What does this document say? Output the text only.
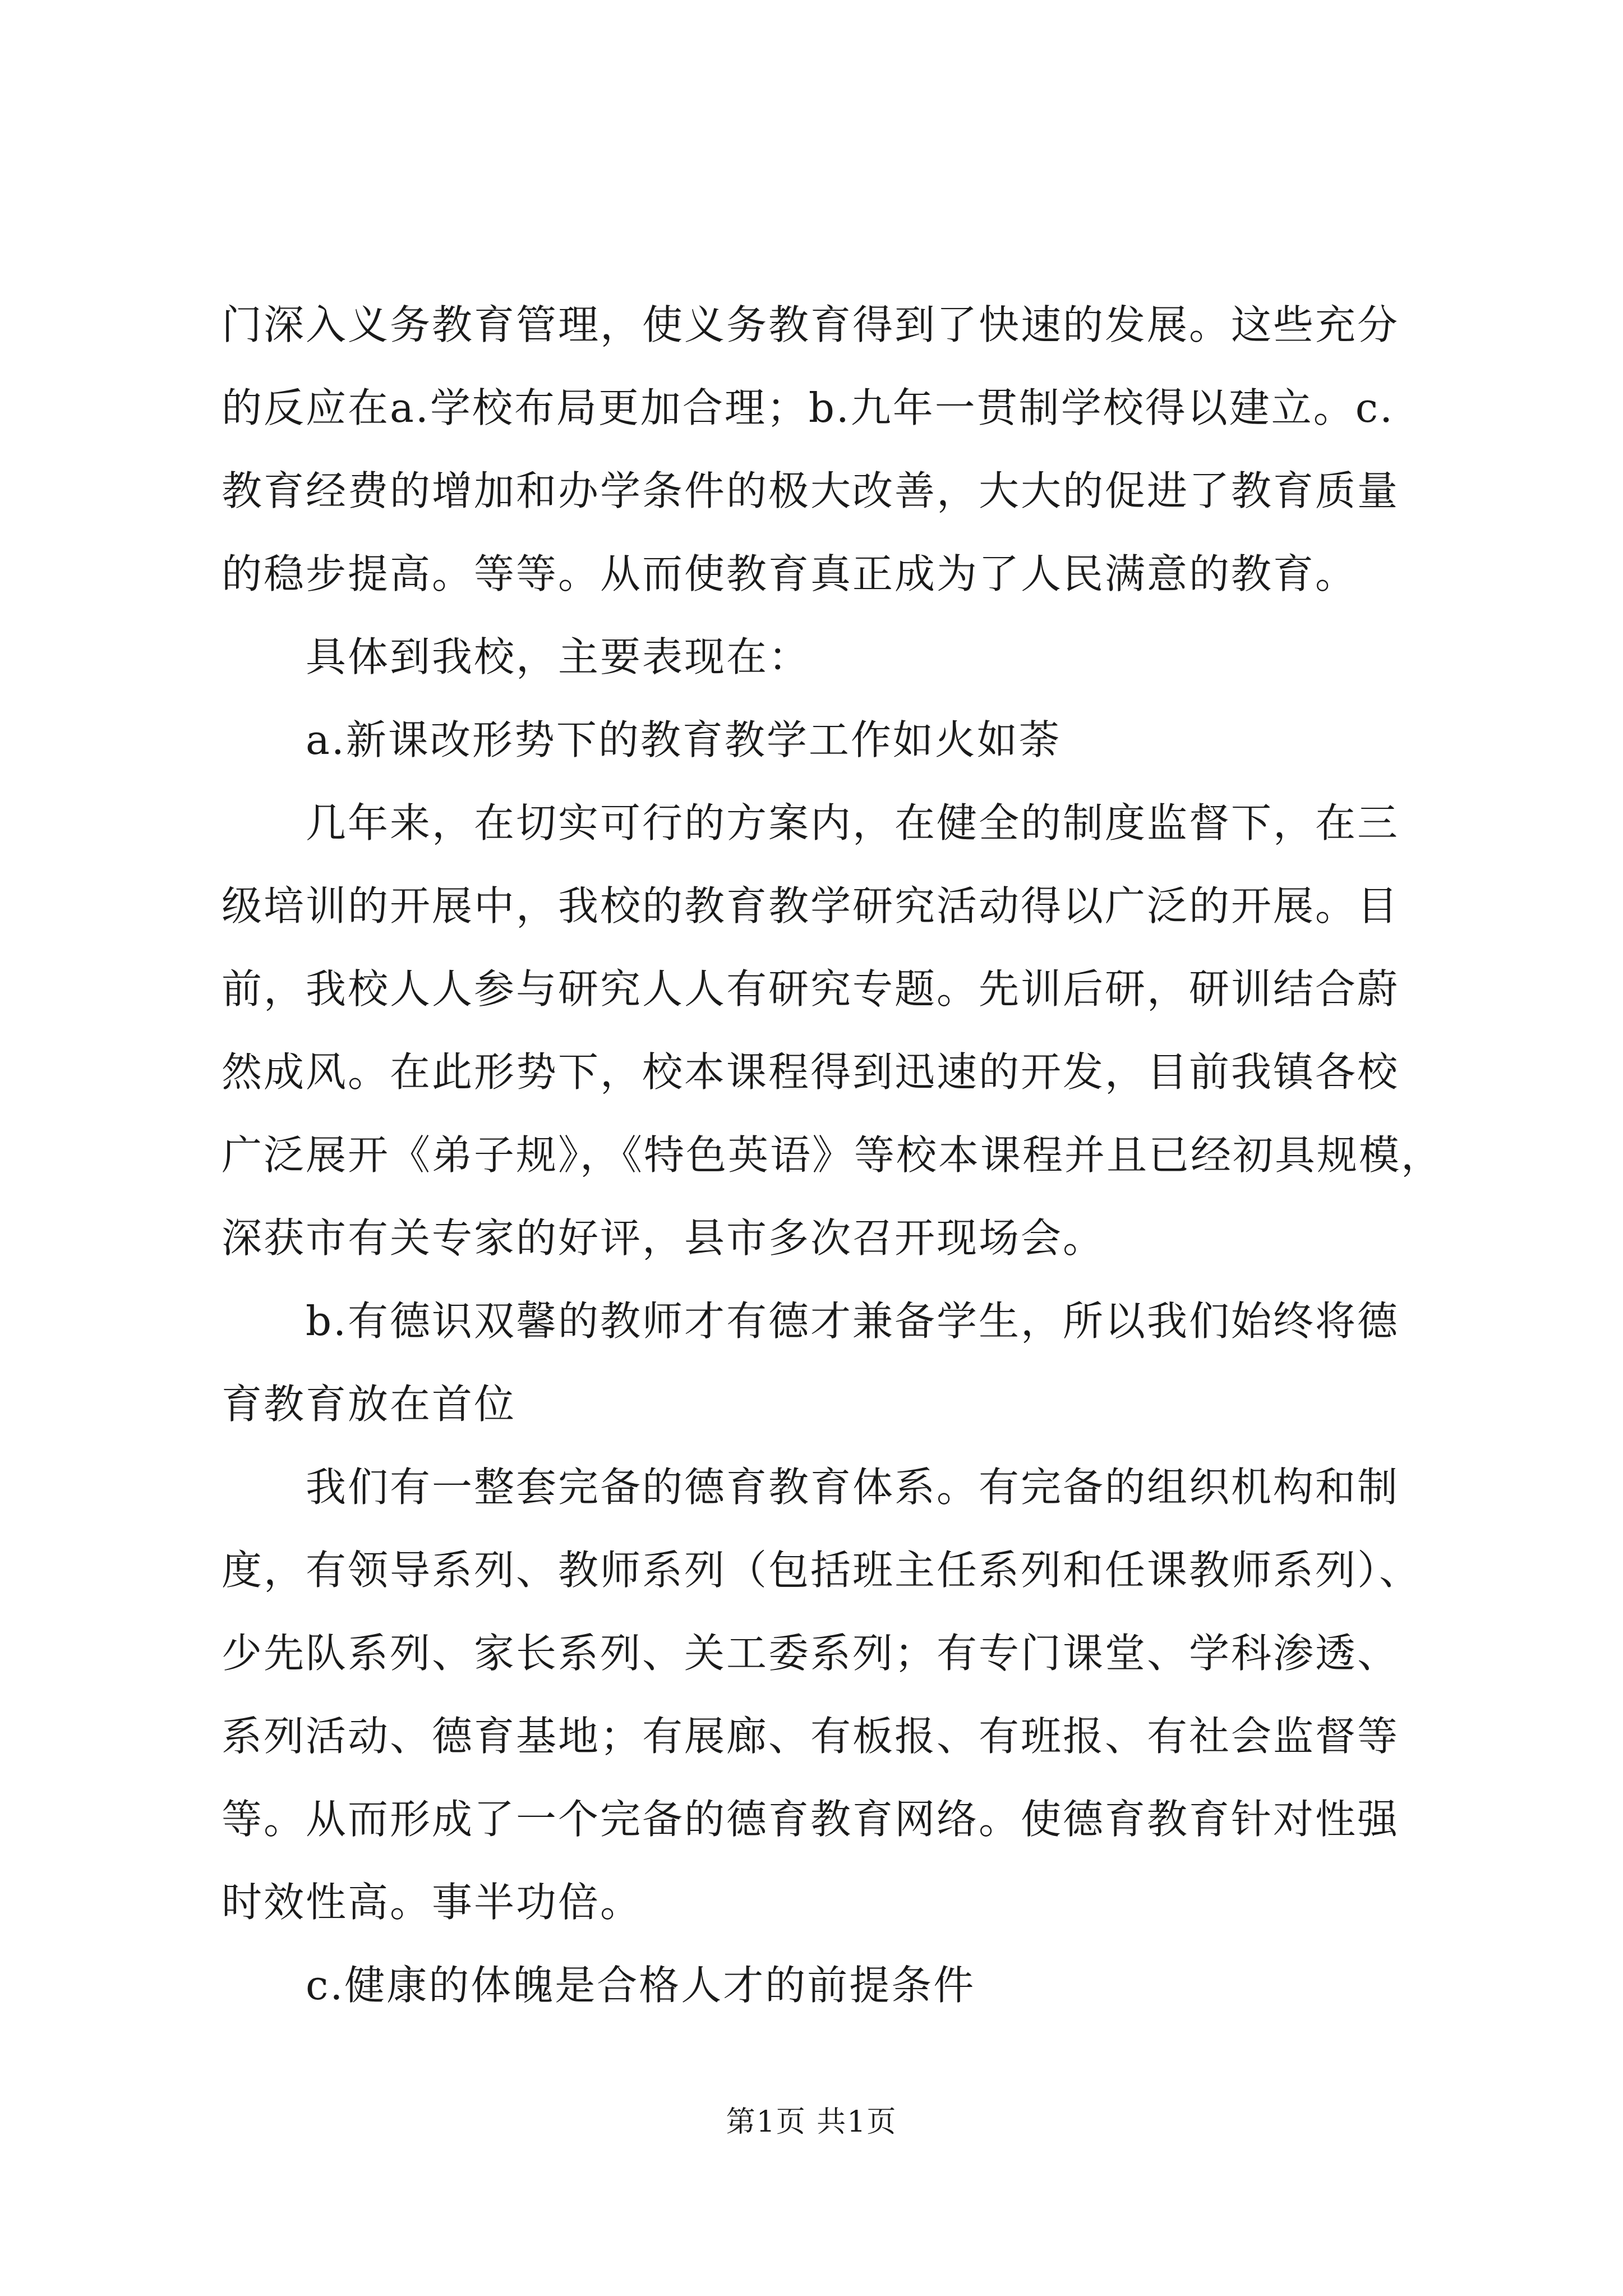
门深入义务教育管理，使义务教育得到了快速的发展。这些充分
的反应在a.学校布局更加合理；b.九年一贯制学校得以建立。c.
教育经费的增加和办学条件的极大改善，大大的促进了教育质量
的稳步提高。等等。从而使教育真正成为了人民满意的教育。
具体到我校，主要表现在：
a.新课改形势下的教育教学工作如火如荼
几年来，在切实可行的方案内，在健全的制度监督下，在三
级培训的开展中，我校的教育教学研究活动得以广泛的开展。目
前，我校人人参与研究人人有研究专题。先训后研，研训结合蔚
然成风。在此形势下，校本课程得到迅速的开发，目前我镇各校
广泛展开《弟子规》，《特色英语》等校本课程并且已经初具规模，
深获市有关专家的好评，县市多次召开现场会。
b.有德识双馨的教师才有德才兼备学生，所以我们始终将德
育教育放在首位
我们有一整套完备的德育教育体系。有完备的组织机构和制
度，有领导系列、教师系列（包括班主任系列和任课教师系列）、
少先队系列、家长系列、关工委系列；有专门课堂、学科渗透、
系列活动、德育基地；有展廊、有板报、有班报、有社会监督等
等。从而形成了一个完备的德育教育网络。使德育教育针对性强
时效性高。事半功倍。
c.健康的体魄是合格人才的前提条件
第1页 共1页
